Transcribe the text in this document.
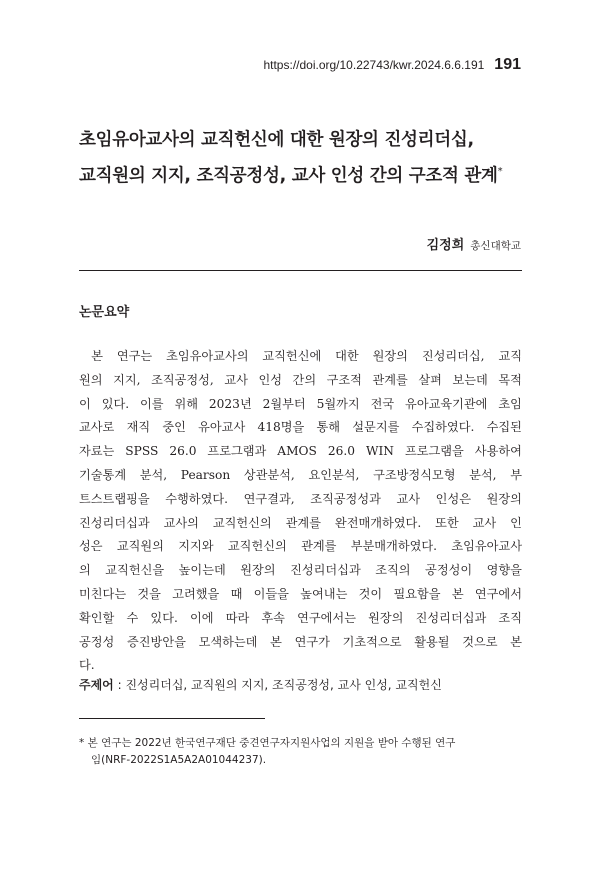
https://doi.org/10.22743/kwr.2024.6.6.191 191
초임유아교사의 교직헌신에 대한 원장의 진성리더십,
교직원의 지지, 조직공정성, 교사 인성 간의 구조적 관계*
김정희 총신대학교
논문요약
본 연구는 초임유아교사의 교직헌신에 대한 원장의 진성리더십, 교직
원의 지지, 조직공정성, 교사 인성 간의 구조적 관계를 살펴 보는데 목적
이 있다. 이를 위해 2023년 2월부터 5월까지 전국 유아교육기관에 초임
교사로 재직 중인 유아교사 418명을 통해 설문지를 수집하였다. 수집된
자료는 SPSS 26.0 프로그램과 AMOS 26.0 WIN 프로그램을 사용하여
기술통계 분석, Pearson 상관분석, 요인분석, 구조방정식모형 분석, 부
트스트랩핑을 수행하였다. 연구결과, 조직공정성과 교사 인성은 원장의
진성리더십과 교사의 교직헌신의 관계를 완전매개하였다. 또한 교사 인
성은 교직원의 지지와 교직헌신의 관계를 부분매개하였다. 초임유아교사
의 교직헌신을 높이는데 원장의 진성리더십과 조직의 공정성이 영향을
미친다는 것을 고려했을 때 이들을 높여내는 것이 필요함을 본 연구에서
확인할 수 있다. 이에 따라 후속 연구에서는 원장의 진성리더십과 조직
공정성 증진방안을 모색하는데 본 연구가 기초적으로 활용될 것으로 본
다.
주제어 : 진성리더십, 교직원의 지지, 조직공정성, 교사 인성, 교직헌신
* 본 연구는 2022년 한국연구재단 중견연구자지원사업의 지원을 받아 수행된 연구
임(NRF-2022S1A5A2A01044237).
